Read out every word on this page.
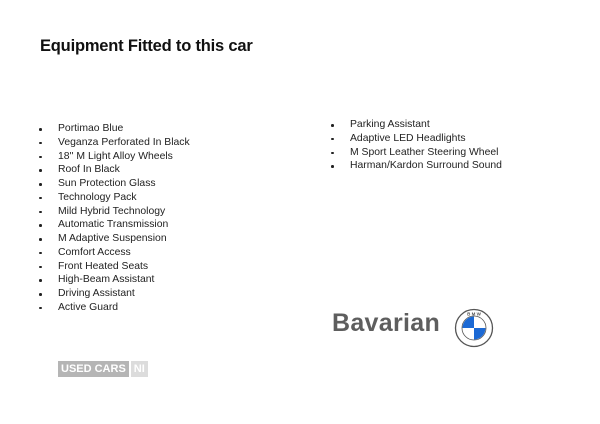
Equipment Fitted to this car
Portimao Blue
Veganza Perforated In Black
18'' M Light Alloy Wheels
Roof In Black
Sun Protection Glass
Technology Pack
Mild Hybrid Technology
Automatic Transmission
M Adaptive Suspension
Comfort Access
Front Heated Seats
High-Beam Assistant
Driving Assistant
Active Guard
Parking Assistant
Adaptive LED Headlights
M Sport Leather Steering Wheel
Harman/Kardon Surround Sound
Bavarian	B M W
USED CARS NI
